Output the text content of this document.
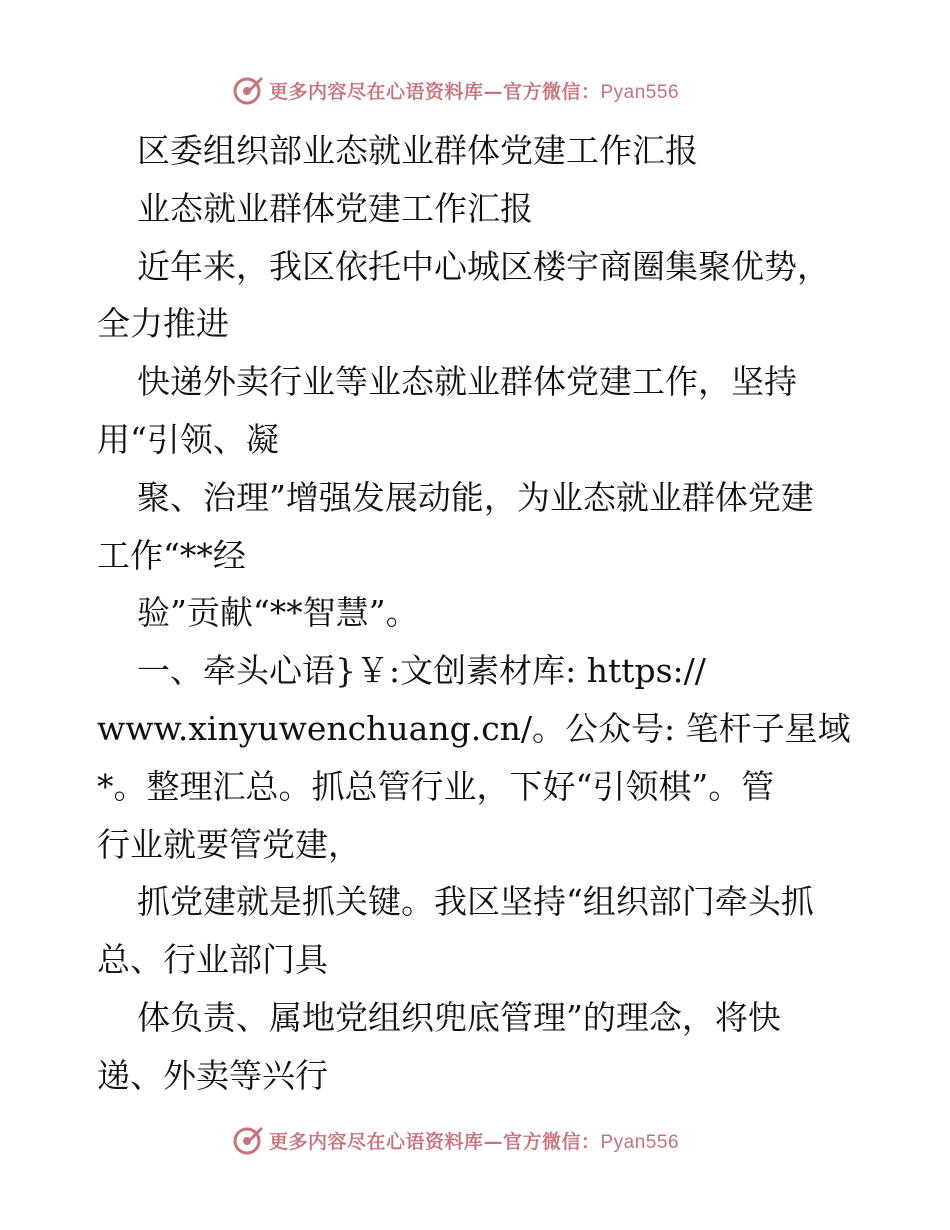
更多内容尽在心语资料库—官方微信：Pyan556
区委组织部业态就业群体党建工作汇报
业态就业群体党建工作汇报
近年来，我区依托中心城区楼宇商圈集聚优势，
全力推进
快递外卖行业等业态就业群体党建工作，坚持
用“引领、凝
聚、治理”增强发展动能，为业态就业群体党建
工作“**经
验”贡献“**智慧”。
一、牵头心语}￥:文创素材库: https://
www.xinyuwenchuang.cn/。公众号: 笔杆子星域
*。整理汇总。抓总管行业，下好“引领棋”。管
行业就要管党建，
抓党建就是抓关键。我区坚持“组织部门牵头抓
总、行业部门具
体负责、属地党组织兜底管理”的理念，将快
递、外卖等兴行
更多内容尽在心语资料库—官方微信：Pyan556
